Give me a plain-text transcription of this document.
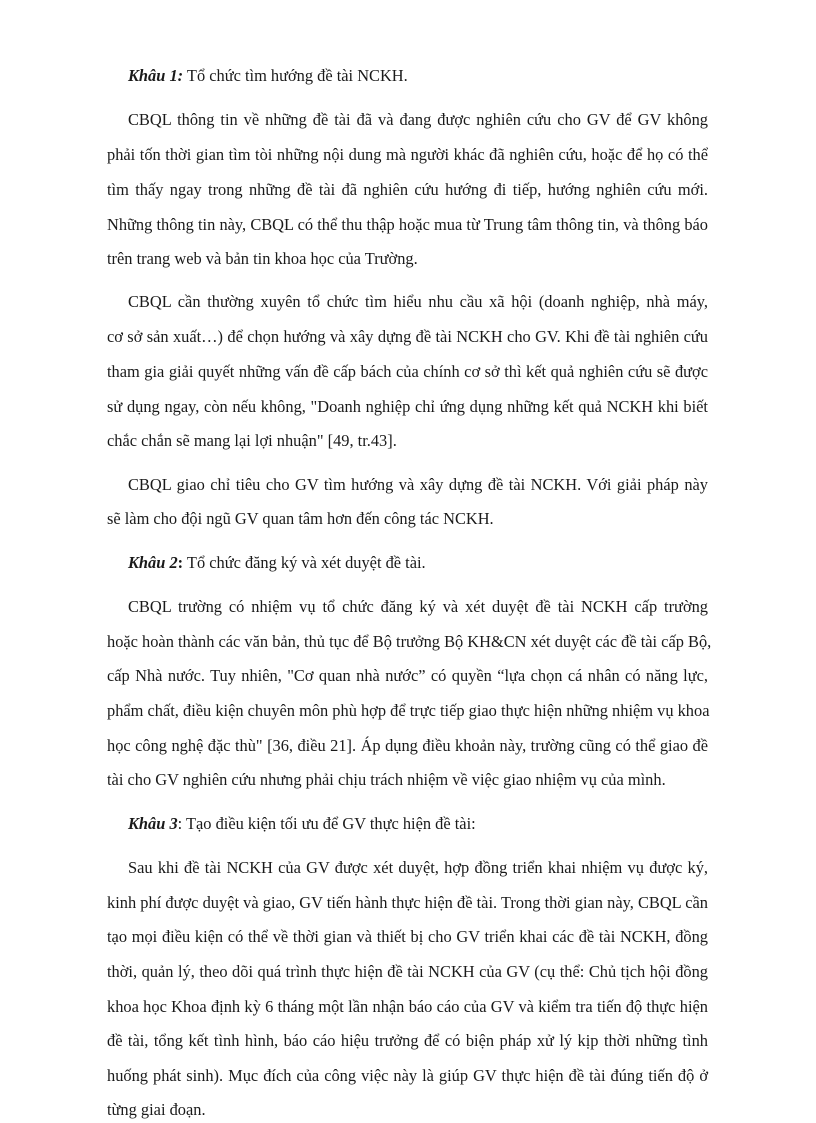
Khâu 1: Tổ chức tìm hướng đề tài NCKH.
CBQL thông tin về những đề tài đã và đang được nghiên cứu cho GV để GV không
phải tốn thời gian tìm tòi những nội dung mà người khác đã nghiên cứu, hoặc để họ có thể
tìm thấy ngay trong những đề tài đã nghiên cứu hướng đi tiếp, hướng nghiên cứu mới.
Những thông tin này, CBQL có thể thu thập hoặc mua từ Trung tâm thông tin, và thông báo
trên trang web và bản tin khoa học của Trường.
CBQL cần thường xuyên tổ chức tìm hiểu nhu cầu xã hội (doanh nghiệp, nhà máy,
cơ sở sản xuất…) để chọn hướng và xây dựng đề tài NCKH cho GV. Khi đề tài nghiên cứu
tham gia giải quyết những vấn đề cấp bách của chính cơ sở thì kết quả nghiên cứu sẽ được
sử dụng ngay, còn nếu không, "Doanh nghiệp chỉ ứng dụng những kết quả NCKH khi biết
chắc chắn sẽ mang lại lợi nhuận" [49, tr.43].
CBQL giao chỉ tiêu cho GV tìm hướng và xây dựng đề tài NCKH. Với giải pháp này
sẽ làm cho đội ngũ GV quan tâm hơn đến công tác NCKH.
Khâu 2: Tổ chức đăng ký và xét duyệt đề tài.
CBQL trường có nhiệm vụ tổ chức đăng ký và xét duyệt đề tài NCKH cấp trường
hoặc hoàn thành các văn bản, thủ tục để Bộ trưởng Bộ KH&CN xét duyệt các đề tài cấp Bộ,
cấp Nhà nước. Tuy nhiên, "Cơ quan nhà nước” có quyền “lựa chọn cá nhân có năng lực,
phẩm chất, điều kiện chuyên môn phù hợp để trực tiếp giao thực hiện những nhiệm vụ khoa
học công nghệ đặc thù" [36, điều 21]. Áp dụng điều khoản này, trường cũng có thể giao đề
tài cho GV nghiên cứu nhưng phải chịu trách nhiệm về việc giao nhiệm vụ của mình.
Khâu 3: Tạo điều kiện tối ưu để GV thực hiện đề tài:
Sau khi đề tài NCKH của GV được xét duyệt, hợp đồng triển khai nhiệm vụ được ký,
kinh phí được duyệt và giao, GV tiến hành thực hiện đề tài. Trong thời gian này, CBQL cần
tạo mọi điều kiện có thể về thời gian và thiết bị cho GV triển khai các đề tài NCKH, đồng
thời, quản lý, theo dõi quá trình thực hiện đề tài NCKH của GV (cụ thể: Chủ tịch hội đồng
khoa học Khoa định kỳ 6 tháng một lần nhận báo cáo của GV và kiểm tra tiến độ thực hiện
đề tài, tổng kết tình hình, báo cáo hiệu trưởng để có biện pháp xử lý kịp thời những tình
huống phát sinh). Mục đích của công việc này là giúp GV thực hiện đề tài đúng tiến độ ở
từng giai đoạn.
